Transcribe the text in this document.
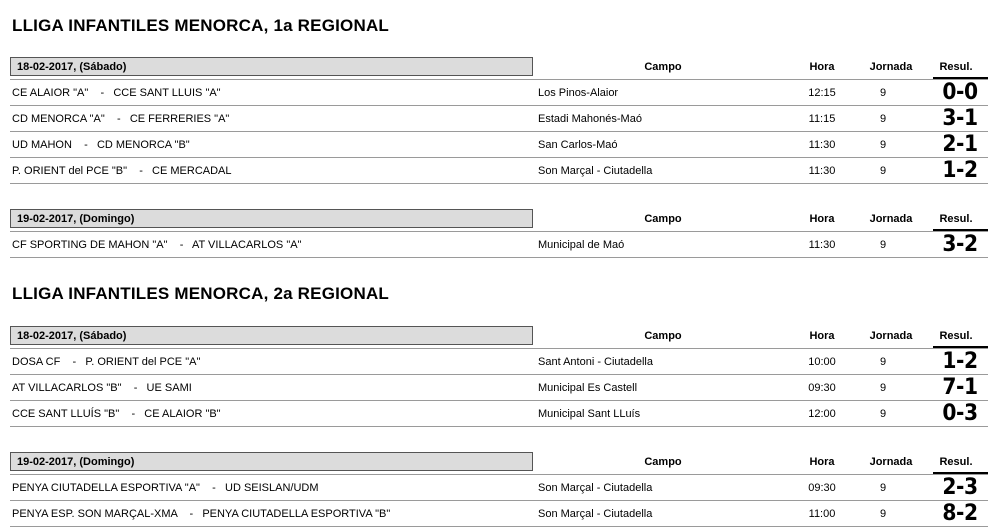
LLIGA INFANTILES MENORCA, 1a REGIONAL
18-02-2017, (Sábado)	Campo	Hora	Jornada	Resul.
CE ALAIOR "A"    -   CCE SANT LLUIS "A"	Los Pinos-Alaior	12:15	9	0-0
CD MENORCA "A"    -   CE FERRERIES "A"	Estadi Mahonés-Maó	11:15	9	3-1
UD MAHON    -   CD MENORCA "B"	San Carlos-Maó	11:30	9	2-1
P. ORIENT del PCE "B"    -   CE MERCADAL	Son Marçal - Ciutadella	11:30	9	1-2
19-02-2017, (Domingo)	Campo	Hora	Jornada	Resul.
CF SPORTING DE MAHON "A"    -   AT VILLACARLOS "A"	Municipal de Maó	11:30	9	3-2
LLIGA INFANTILES MENORCA, 2a REGIONAL
18-02-2017, (Sábado)	Campo	Hora	Jornada	Resul.
DOSA CF    -   P. ORIENT del PCE "A"	Sant Antoni - Ciutadella	10:00	9	1-2
AT VILLACARLOS "B"    -   UE SAMI	Municipal Es Castell	09:30	9	7-1
CCE SANT LLUÍS "B"    -   CE ALAIOR "B"	Municipal Sant LLuís	12:00	9	0-3
19-02-2017, (Domingo)	Campo	Hora	Jornada	Resul.
PENYA CIUTADELLA ESPORTIVA "A"    -   UD SEISLAN/UDM	Son Marçal - Ciutadella	09:30	9	2-3
PENYA ESP. SON MARÇAL-XMA    -   PENYA CIUTADELLA ESPORTIVA "B"	Son Marçal - Ciutadella	11:00	9	8-2
